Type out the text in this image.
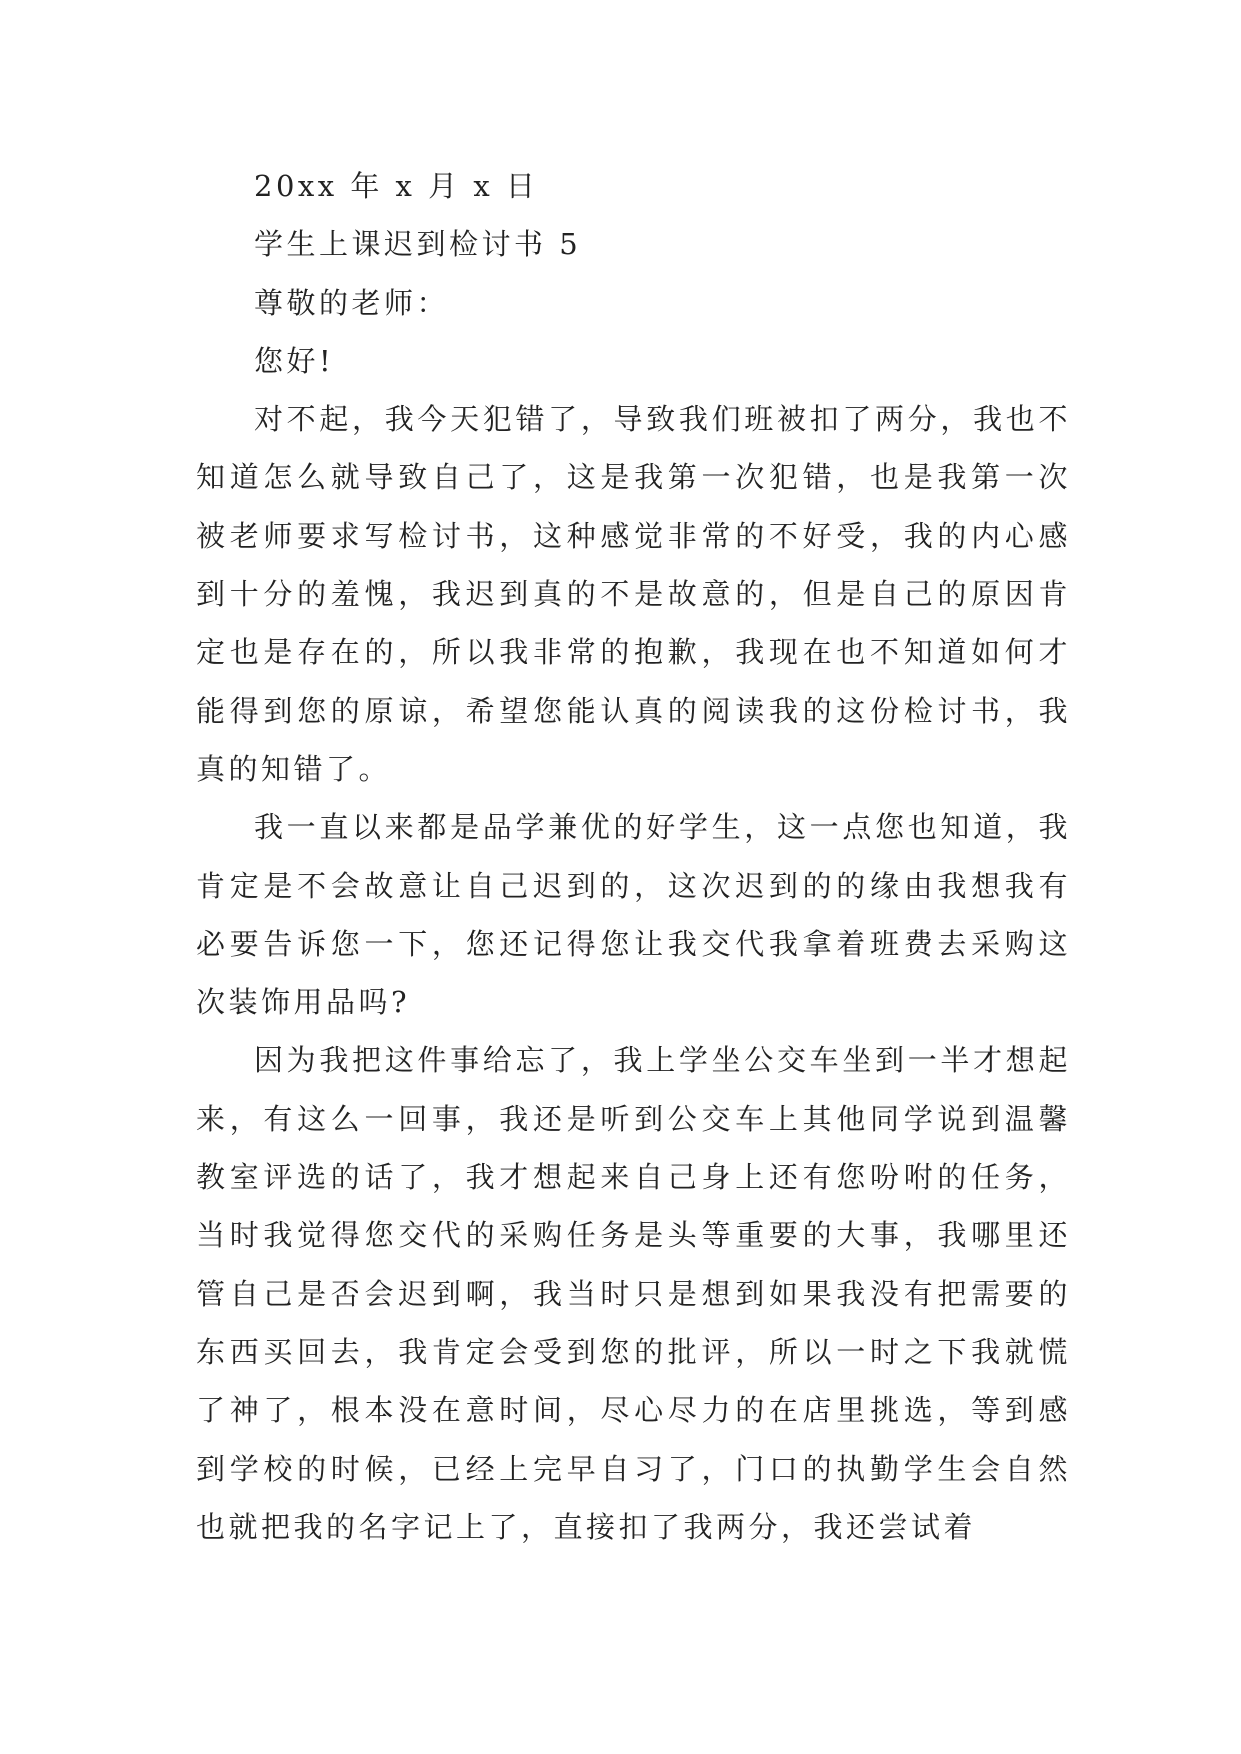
20xx 年 x 月 x 日

学生上课迟到检讨书 5

尊敬的老师：

您好!

对不起，我今天犯错了，导致我们班被扣了两分，我也不知道怎么就导致自己了，这是我第一次犯错，也是我第一次被老师要求写检讨书，这种感觉非常的不好受，我的内心感到十分的羞愧，我迟到真的不是故意的，但是自己的原因肯定也是存在的，所以我非常的抱歉，我现在也不知道如何才能得到您的原谅，希望您能认真的阅读我的这份检讨书，我真的知错了。

我一直以来都是品学兼优的好学生，这一点您也知道，我肯定是不会故意让自己迟到的，这次迟到的的缘由我想我有必要告诉您一下，您还记得您让我交代我拿着班费去采购这次装饰用品吗?

因为我把这件事给忘了，我上学坐公交车坐到一半才想起来，有这么一回事，我还是听到公交车上其他同学说到温馨教室评选的话了，我才想起来自己身上还有您吩咐的任务，当时我觉得您交代的采购任务是头等重要的大事，我哪里还管自己是否会迟到啊，我当时只是想到如果我没有把需要的东西买回去，我肯定会受到您的批评，所以一时之下我就慌了神了，根本没在意时间，尽心尽力的在店里挑选，等到感到学校的时候，已经上完早自习了，门口的执勤学生会自然也就把我的名字记上了，直接扣了我两分，我还尝试着
